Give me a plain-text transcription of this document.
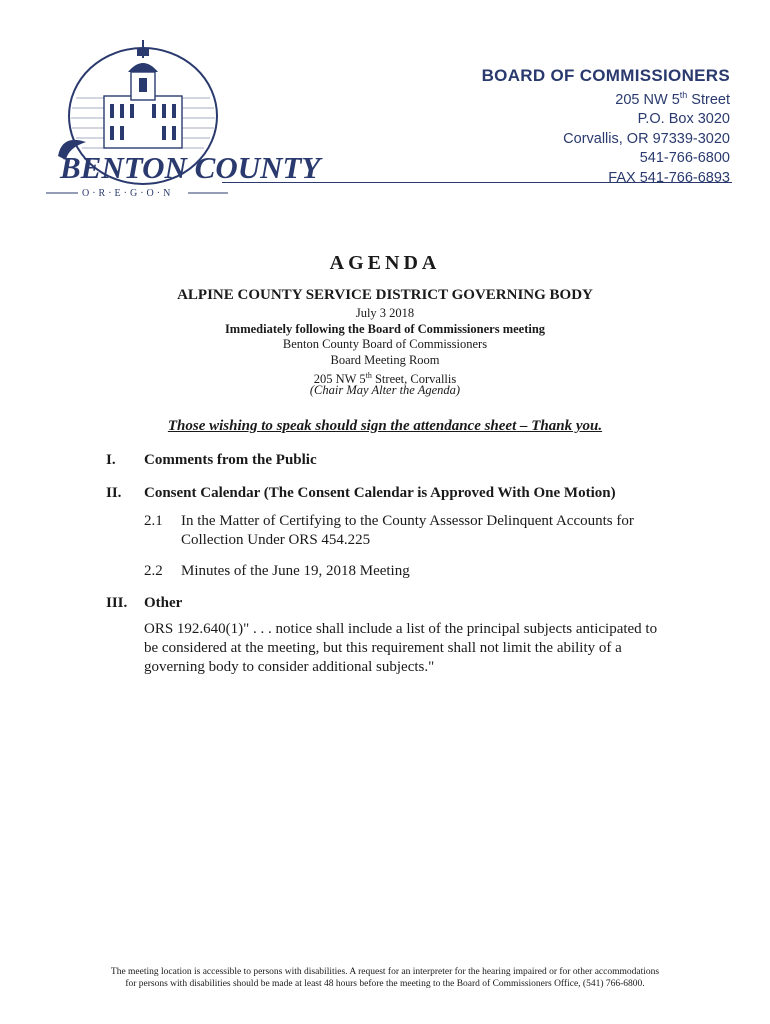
BENTON COUNTY
O·R·E·G·O·N
BOARD OF COMMISSIONERS
205 NW 5th Street
P.O. Box 3020
Corvallis, OR 97339-3020
541-766-6800
FAX 541-766-6893
AGENDA
ALPINE COUNTY SERVICE DISTRICT GOVERNING BODY
July 3 2018
Immediately following the Board of Commissioners meeting
Benton County Board of Commissioners
Board Meeting Room
205 NW 5th Street, Corvallis
(Chair May Alter the Agenda)
Those wishing to speak should sign the attendance sheet – Thank you.
I. Comments from the Public
II. Consent Calendar (The Consent Calendar is Approved With One Motion)
2.1 In the Matter of Certifying to the County Assessor Delinquent Accounts for Collection Under ORS 454.225
2.2 Minutes of the June 19, 2018 Meeting
III. Other
ORS 192.640(1)" . . . notice shall include a list of the principal subjects anticipated to be considered at the meeting, but this requirement shall not limit the ability of a governing body to consider additional subjects."
The meeting location is accessible to persons with disabilities. A request for an interpreter for the hearing impaired or for other accommodations
for persons with disabilities should be made at least 48 hours before the meeting to the Board of Commissioners Office, (541) 766-6800.
